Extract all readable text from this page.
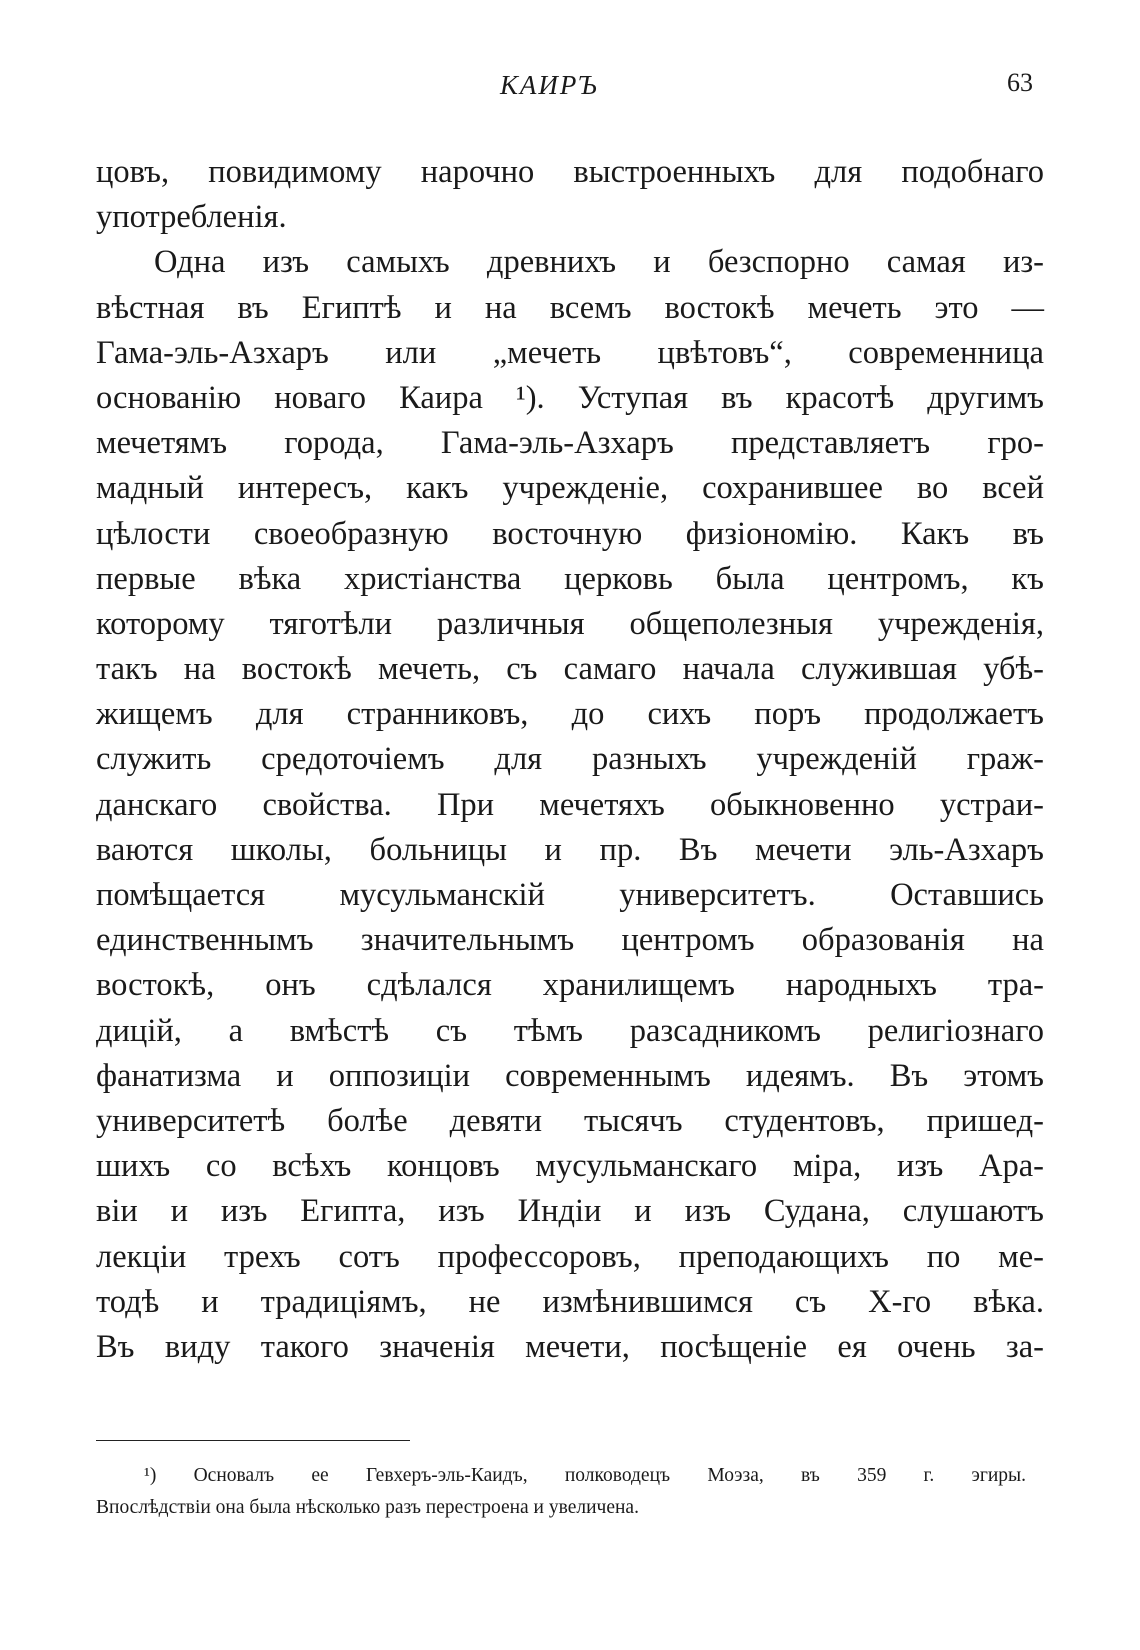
КАИРЪ	63
цовъ, повидимому нарочно выстроенныхъ для подобнаго
употребленія.
Одна изъ самыхъ древнихъ и безспорно самая из-
вѣстная въ Египтѣ и на всемъ востокѣ мечеть это —
Гама-эль-Азхаръ или „мечеть цвѣтовъ“, современница
основанію новаго Каира ¹). Уступая въ красотѣ другимъ
мечетямъ города, Гама-эль-Азхаръ представляетъ гро-
мадный интересъ, какъ учрежденіе, сохранившее во всей
цѣлости своеобразную восточную физіономію. Какъ въ
первые вѣка христіанства церковь была центромъ, къ
которому тяготѣли различныя общеполезныя учрежденія,
такъ на востокѣ мечеть, съ самаго начала служившая убѣ-
жищемъ для странниковъ, до сихъ поръ продолжаетъ
служить средоточіемъ для разныхъ учрежденій граж-
данскаго свойства. При мечетяхъ обыкновенно устраи-
ваются школы, больницы и пр. Въ мечети эль-Азхаръ
помѣщается мусульманскій университетъ. Оставшись
единственнымъ значительнымъ центромъ образованія на
востокѣ, онъ сдѣлался хранилищемъ народныхъ тра-
дицій, а вмѣстѣ съ тѣмъ разсадникомъ религіознаго
фанатизма и оппозиціи современнымъ идеямъ. Въ этомъ
университетѣ болѣе девяти тысячъ студентовъ, пришед-
шихъ со всѣхъ концовъ мусульманскаго міра, изъ Ара-
віи и изъ Египта, изъ Индіи и изъ Судана, слушаютъ
лекціи трехъ сотъ профессоровъ, преподающихъ по ме-
тодѣ и традиціямъ, не измѣнившимся съ X-го вѣка.
Въ виду такого значенія мечети, посѣщеніе ея очень за-
¹) Основалъ ее Гевхеръ-эль-Каидъ, полководецъ Моэза, въ 359 г. эгиры.
Впослѣдствіи она была нѣсколько разъ перестроена и увеличена.
